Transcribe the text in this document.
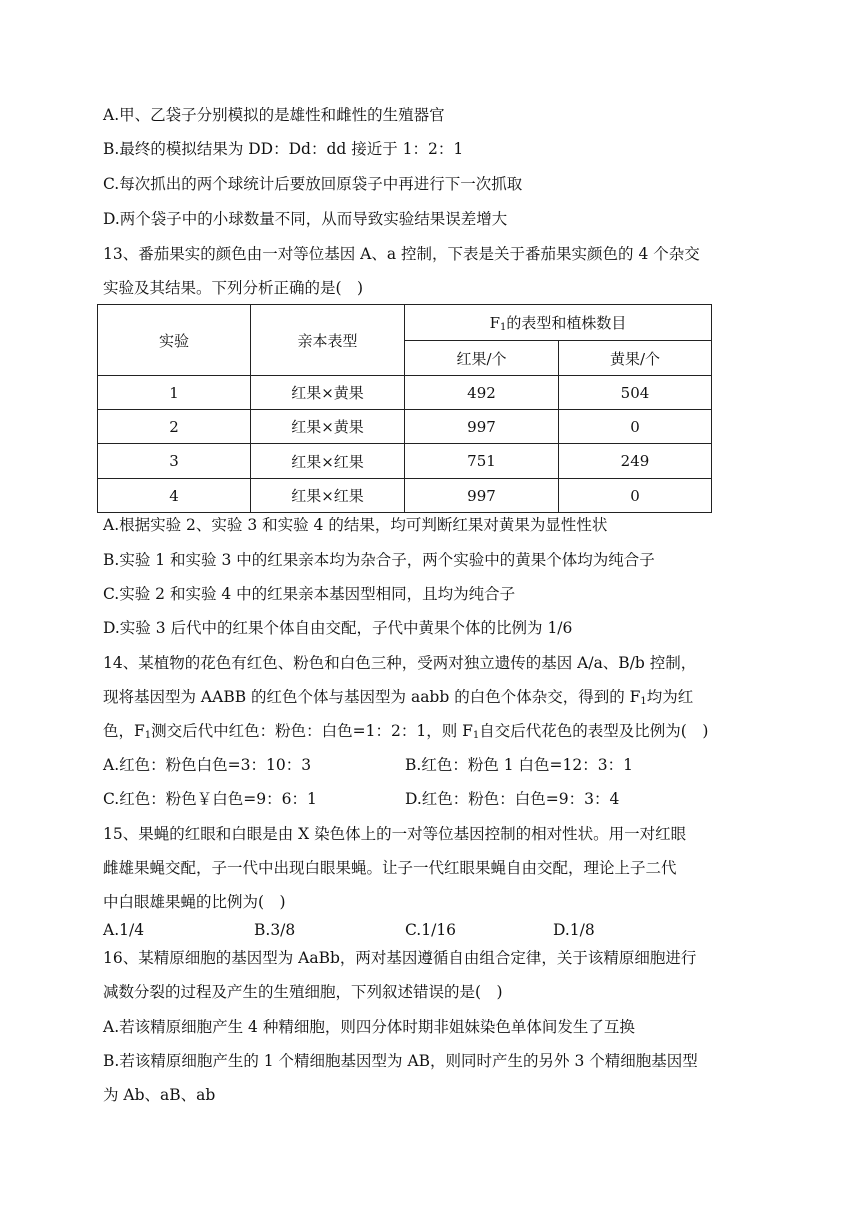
A.甲、乙袋子分别模拟的是雄性和雌性的生殖器官
B.最终的模拟结果为 DD：Dd：dd 接近于 1：2：1
C.每次抓出的两个球统计后要放回原袋子中再进行下一次抓取
D.两个袋子中的小球数量不同，从而导致实验结果误差增大
13、番茄果实的颜色由一对等位基因 A、a 控制，下表是关于番茄果实颜色的 4 个杂交
实验及其结果。下列分析正确的是(　)
实验	亲本表型	$F_1$的表型和植株数目	
		红果/个	黄果/个
1	红果×黄果	492	504
2	红果×黄果	997	0
3	红果×红果	751	249
4	红果×红果	997	0
A.根据实验 2、实验 3 和实验 4 的结果，均可判断红果对黄果为显性性状
B.实验 1 和实验 3 中的红果亲本均为杂合子，两个实验中的黄果个体均为纯合子
C.实验 2 和实验 4 中的红果亲本基因型相同，且均为纯合子
D.实验 3 后代中的红果个体自由交配，子代中黄果个体的比例为 1/6
14、某植物的花色有红色、粉色和白色三种，受两对独立遗传的基因 A/a、B/b 控制，
现将基因型为 AABB 的红色个体与基因型为 aabb 的白色个体杂交，得到的 $F_1$均为红
色，$F_1$测交后代中红色：粉色：白色=1：2：1，则 $F_1$自交后代花色的表型及比例为(　)
A.红色：粉色白色=3：10：3	B.红色：粉色 1 白色=12：3：1
C.红色：粉色￥白色=9：6：1	D.红色：粉色：白色=9：3：4
15、果蝇的红眼和白眼是由 X 染色体上的一对等位基因控制的相对性状。用一对红眼
雌雄果蝇交配，子一代中出现白眼果蝇。让子一代红眼果蝇自由交配，理论上子二代
中白眼雄果蝇的比例为(　)
A.1/4	B.3/8	C.1/16	D.1/8
16、某精原细胞的基因型为 AaBb，两对基因遵循自由组合定律，关于该精原细胞进行
减数分裂的过程及产生的生殖细胞，下列叙述错误的是(　)
A.若该精原细胞产生 4 种精细胞，则四分体时期非姐妹染色单体间发生了互换
B.若该精原细胞产生的 1 个精细胞基因型为 AB，则同时产生的另外 3 个精细胞基因型
为 Ab、aB、ab
